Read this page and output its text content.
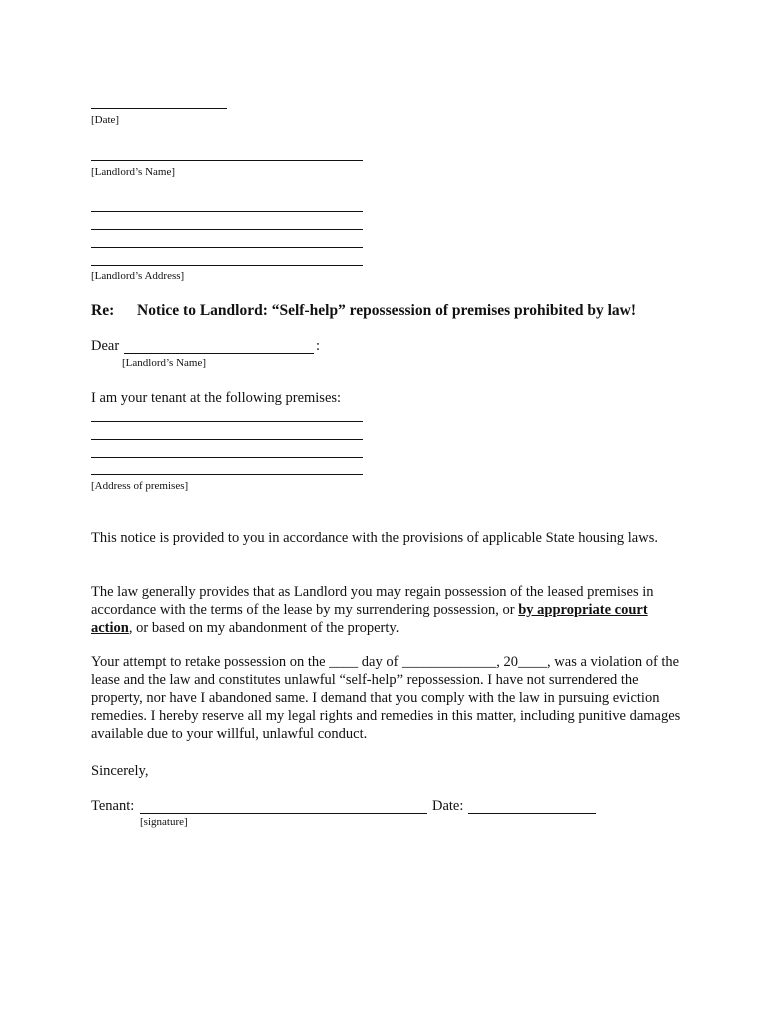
[Date]
[Landlord’s Name]
[Landlord’s Address]
Re: Notice to Landlord: “Self-help” repossession of premises prohibited by law!
Dear	:
[Landlord’s Name]
I am your tenant at the following premises:
[Address of premises]
This notice is provided to you in accordance with the provisions of applicable State housing laws.
The law generally provides that as Landlord you may regain possession of the leased premises in accordance with the terms of the lease by my surrendering possession, or by appropriate court action, or based on my abandonment of the property.
Your attempt to retake possession on the ____ day of _____________, 20____, was a violation of the lease and the law and constitutes unlawful “self-help” repossession. I have not surrendered the property, nor have I abandoned same. I demand that you comply with the law in pursuing eviction remedies. I hereby reserve all my legal rights and remedies in this matter, including punitive damages available due to your willful, unlawful conduct.
Sincerely,
Tenant:	Date:
[signature]
